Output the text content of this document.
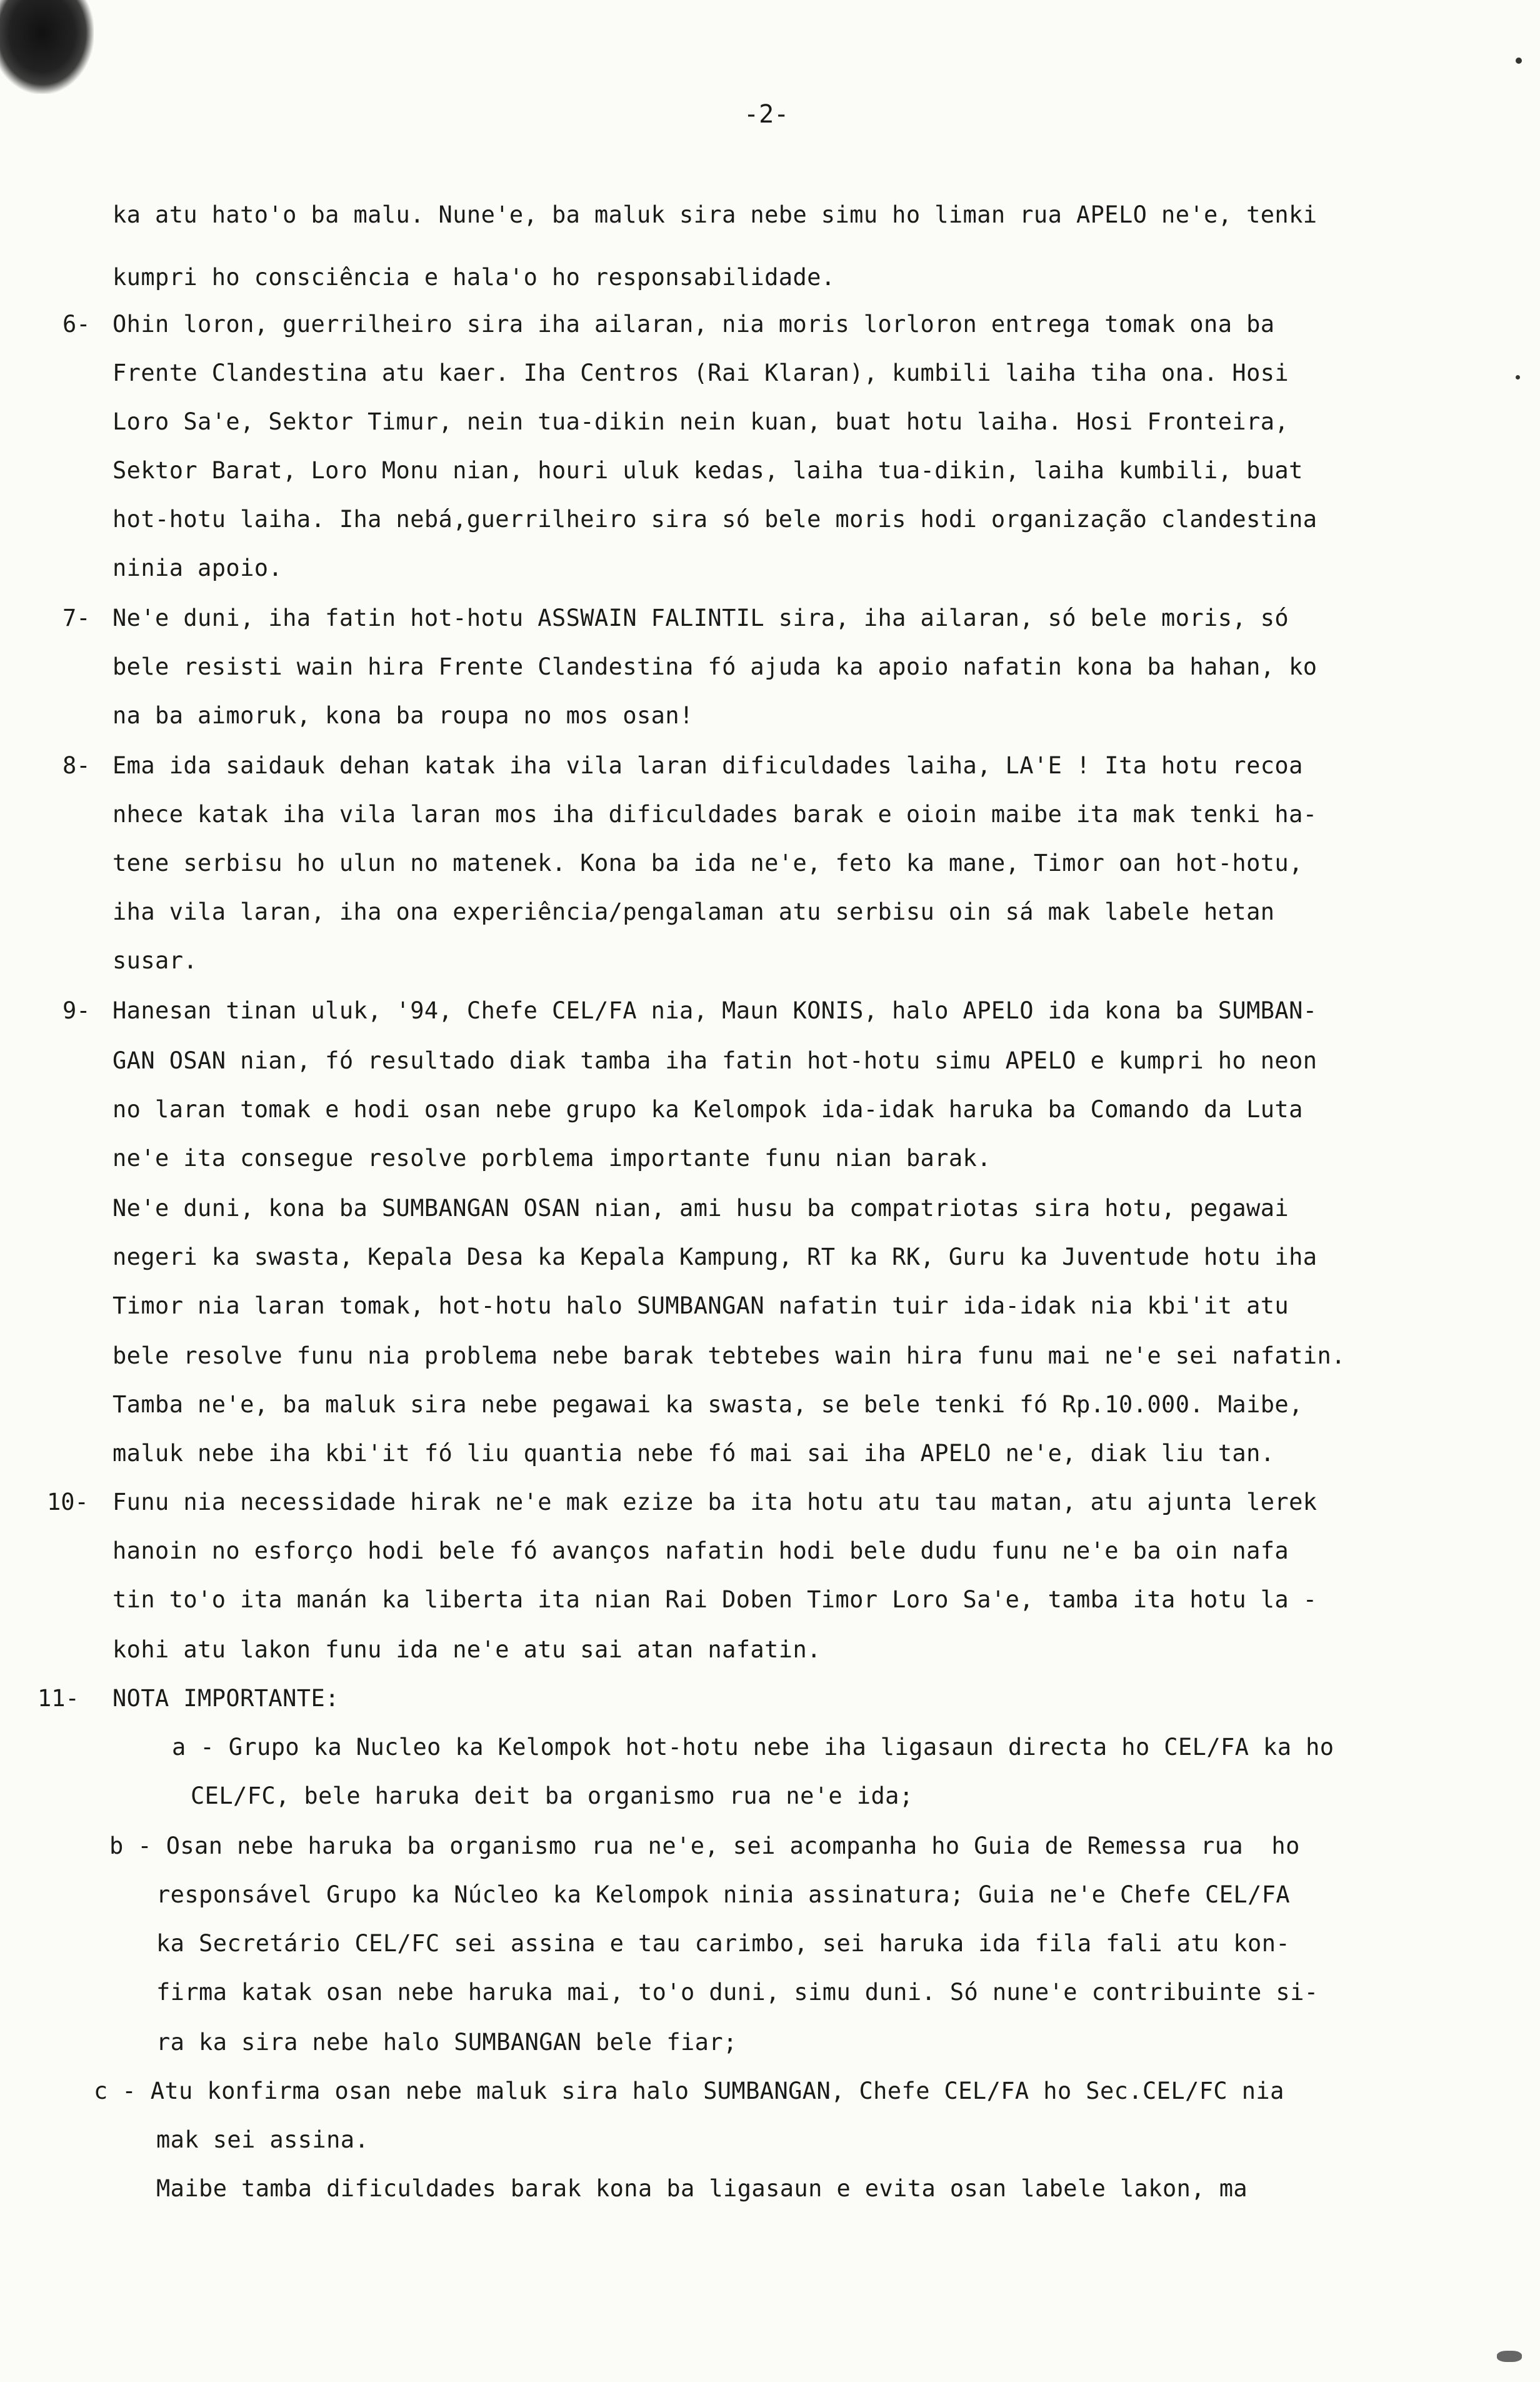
-2-
ka atu hato'o ba malu. Nune'e, ba maluk sira nebe simu ho liman rua APELO ne'e, tenki
kumpri ho consciência e hala'o ho responsabilidade.
6- Ohin loron, guerrilheiro sira iha ailaran, nia moris lorloron entrega tomak ona ba
Frente Clandestina atu kaer. Iha Centros (Rai Klaran), kumbili laiha tiha ona. Hosi
Loro Sa'e, Sektor Timur, nein tua-dikin nein kuan, buat hotu laiha. Hosi Fronteira,
Sektor Barat, Loro Monu nian, houri uluk kedas, laiha tua-dikin, laiha kumbili, buat
hot-hotu laiha. Iha nebá,guerrilheiro sira só bele moris hodi organização clandestina
ninia apoio.
7- Ne'e duni, iha fatin hot-hotu ASSWAIN FALINTIL sira, iha ailaran, só bele moris, só
bele resisti wain hira Frente Clandestina fó ajuda ka apoio nafatin kona ba hahan, ko
na ba aimoruk, kona ba roupa no mos osan!
8- Ema ida saidauk dehan katak iha vila laran dificuldades laiha, LA'E ! Ita hotu recoa
nhece katak iha vila laran mos iha dificuldades barak e oioin maibe ita mak tenki ha-
tene serbisu ho ulun no matenek. Kona ba ida ne'e, feto ka mane, Timor oan hot-hotu,
iha vila laran, iha ona experiência/pengalaman atu serbisu oin sá mak labele hetan
susar.
9- Hanesan tinan uluk, '94, Chefe CEL/FA nia, Maun KONIS, halo APELO ida kona ba SUMBAN-
GAN OSAN nian, fó resultado diak tamba iha fatin hot-hotu simu APELO e kumpri ho neon
no laran tomak e hodi osan nebe grupo ka Kelompok ida-idak haruka ba Comando da Luta
ne'e ita consegue resolve porblema importante funu nian barak.
Ne'e duni, kona ba SUMBANGAN OSAN nian, ami husu ba compatriotas sira hotu, pegawai
negeri ka swasta, Kepala Desa ka Kepala Kampung, RT ka RK, Guru ka Juventude hotu iha
Timor nia laran tomak, hot-hotu halo SUMBANGAN nafatin tuir ida-idak nia kbi'it atu
bele resolve funu nia problema nebe barak tebtebes wain hira funu mai ne'e sei nafatin.
Tamba ne'e, ba maluk sira nebe pegawai ka swasta, se bele tenki fó Rp.10.000. Maibe,
maluk nebe iha kbi'it fó liu quantia nebe fó mai sai iha APELO ne'e, diak liu tan.
10- Funu nia necessidade hirak ne'e mak ezize ba ita hotu atu tau matan, atu ajunta lerek
hanoin no esforço hodi bele fó avanços nafatin hodi bele dudu funu ne'e ba oin nafa
tin to'o ita manán ka liberta ita nian Rai Doben Timor Loro Sa'e, tamba ita hotu la -
kohi atu lakon funu ida ne'e atu sai atan nafatin.
11- NOTA IMPORTANTE:
a - Grupo ka Nucleo ka Kelompok hot-hotu nebe iha ligasaun directa ho CEL/FA ka ho
CEL/FC, bele haruka deit ba organismo rua ne'e ida;
b - Osan nebe haruka ba organismo rua ne'e, sei acompanha ho Guia de Remessa rua  ho
responsável Grupo ka Núcleo ka Kelompok ninia assinatura; Guia ne'e Chefe CEL/FA
ka Secretário CEL/FC sei assina e tau carimbo, sei haruka ida fila fali atu kon-
firma katak osan nebe haruka mai, to'o duni, simu duni. Só nune'e contribuinte si-
ra ka sira nebe halo SUMBANGAN bele fiar;
c - Atu konfirma osan nebe maluk sira halo SUMBANGAN, Chefe CEL/FA ho Sec.CEL/FC nia
mak sei assina.
Maibe tamba dificuldades barak kona ba ligasaun e evita osan labele lakon, ma
